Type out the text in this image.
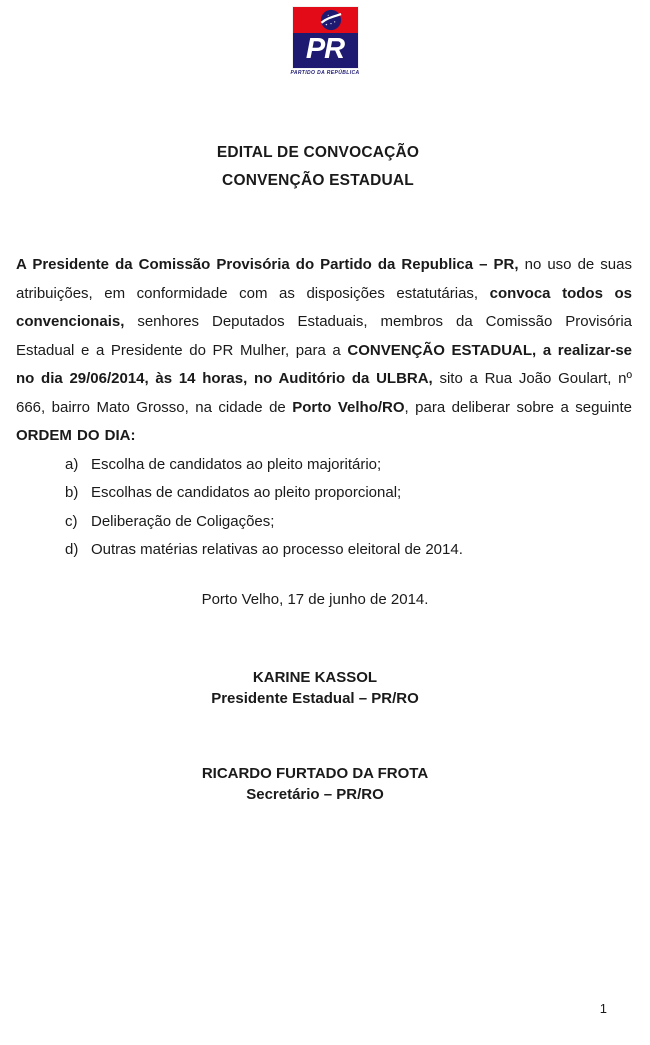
PR
PARTIDO DA REPÚBLICA
EDITAL DE CONVOCAÇÃO
CONVENÇÃO ESTADUAL

A Presidente da Comissão Provisória do Partido da Republica – PR, no uso de suas atribuições, em conformidade com as disposições estatutárias, convoca todos os convencionais, senhores Deputados Estaduais, membros da Comissão Provisória Estadual e a Presidente do PR Mulher, para a CONVENÇÃO ESTADUAL, a realizar-se no dia 29/06/2014, às 14 horas, no Auditório da ULBRA, sito a Rua João Goulart, nº 666, bairro Mato Grosso, na cidade de Porto Velho/RO, para deliberar sobre a seguinte ORDEM DO DIA:

a) Escolha de candidatos ao pleito majoritário;
b) Escolhas de candidatos ao pleito proporcional;
c) Deliberação de Coligações;
d) Outras matérias relativas ao processo eleitoral de 2014.
Porto Velho, 17 de junho de 2014.
KARINE KASSOL
Presidente Estadual – PR/RO
RICARDO FURTADO DA FROTA
Secretário – PR/RO
1
